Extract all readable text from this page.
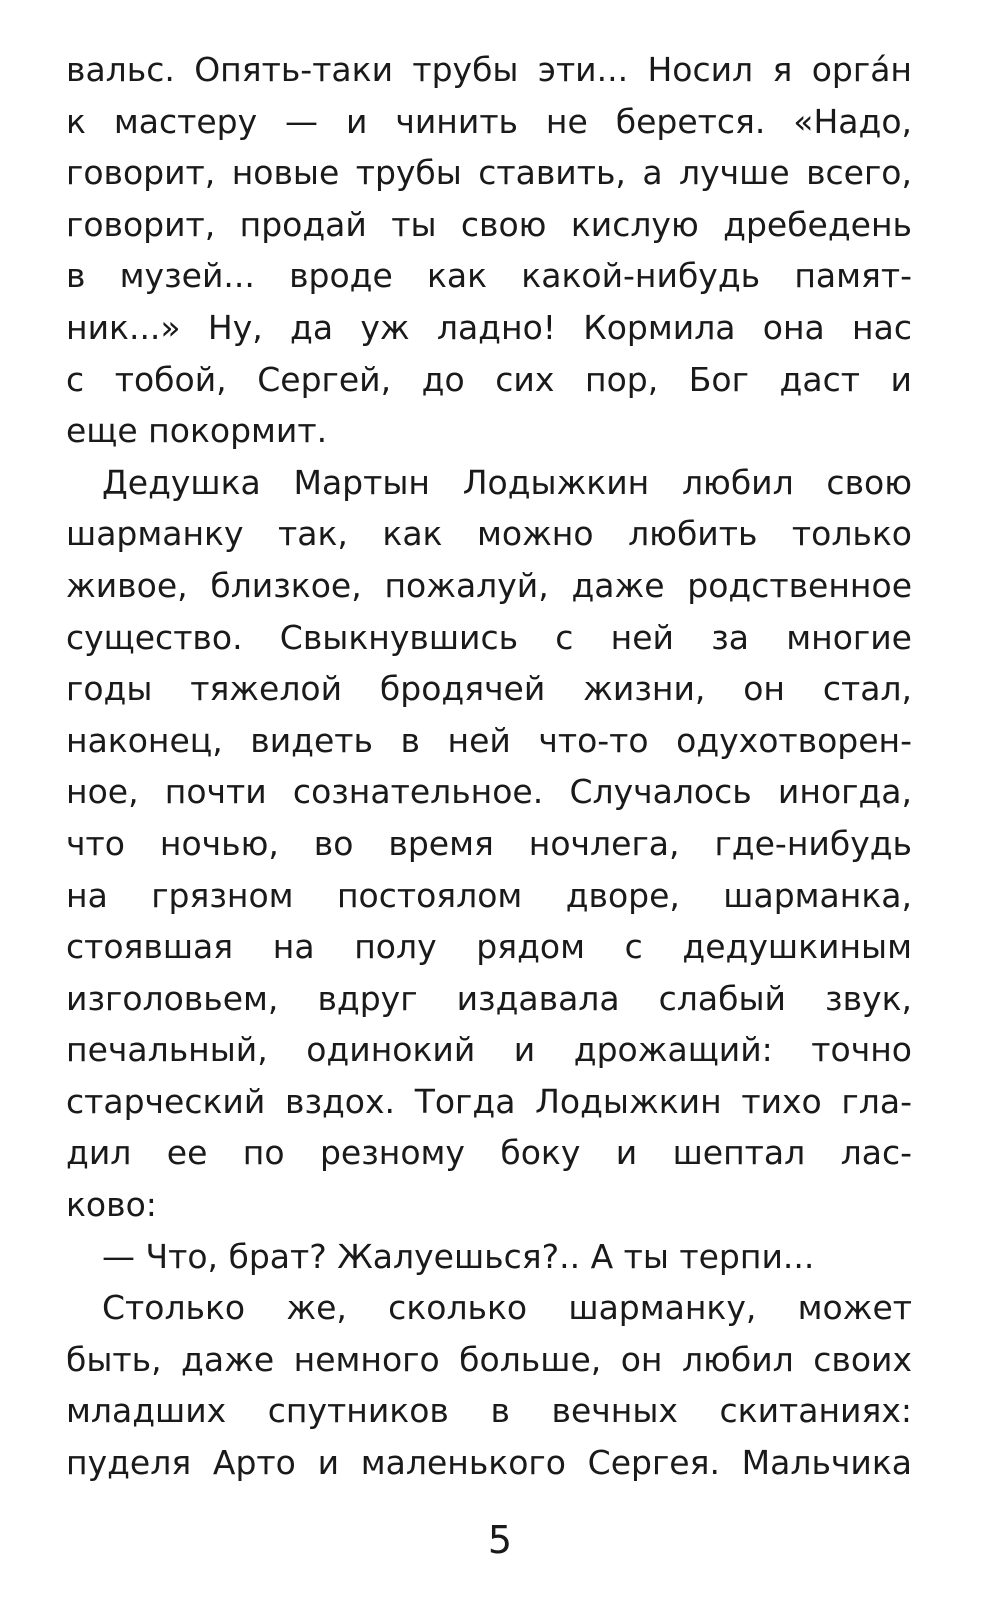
вальс. Опять-таки трубы эти... Носил я орга́н
к мастеру — и чинить не берется. «Надо,
говорит, новые трубы ставить, а лучше всего,
говорит, продай ты свою кислую дребедень
в музей... вроде как какой-нибудь памят-
ник...» Ну, да уж ладно! Кормила она нас
с тобой, Сергей, до сих пор, Бог даст и
еще покормит.
Дедушка Мартын Лодыжкин любил свою
шарманку так, как можно любить только
живое, близкое, пожалуй, даже родственное
существо. Свыкнувшись с ней за многие
годы тяжелой бродячей жизни, он стал,
наконец, видеть в ней что-то одухотворен-
ное, почти сознательное. Случалось иногда,
что ночью, во время ночлега, где-нибудь
на грязном постоялом дворе, шарманка,
стоявшая на полу рядом с дедушкиным
изголовьем, вдруг издавала слабый звук,
печальный, одинокий и дрожащий: точно
старческий вздох. Тогда Лодыжкин тихо гла-
дил ее по резному боку и шептал лас-
ково:
— Что, брат? Жалуешься?.. А ты терпи...
Столько же, сколько шарманку, может
быть, даже немного больше, он любил своих
младших спутников в вечных скитаниях:
пуделя Арто и маленького Сергея. Мальчика
5
